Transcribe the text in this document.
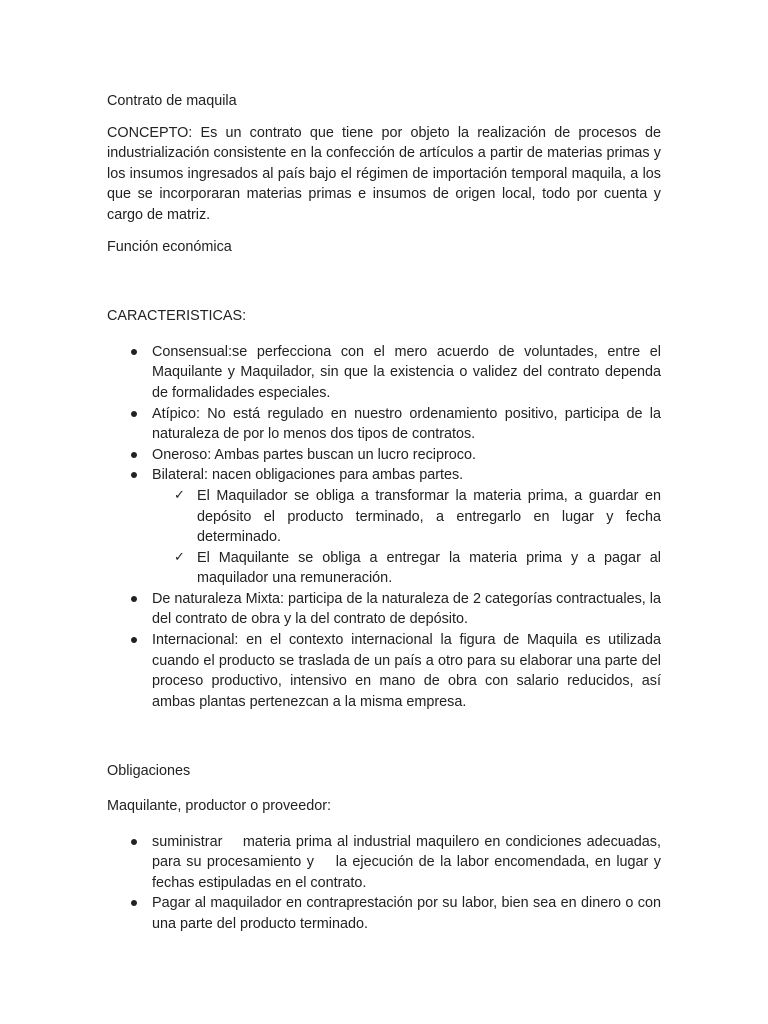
Contrato de maquila

CONCEPTO: Es un contrato que tiene por objeto la realización de procesos de industrialización consistente en la confección de artículos a partir de materias primas y los insumos ingresados al país bajo el régimen de importación temporal maquila, a los que se incorporaran materias primas e insumos de origen local, todo por cuenta y cargo de matriz.

Función económica

CARACTERISTICAS:

Consensual:se perfecciona con el mero acuerdo de voluntades, entre el Maquilante y Maquilador, sin que la existencia o validez del contrato dependa de formalidades especiales.
Atípico: No está regulado en nuestro ordenamiento positivo, participa de la naturaleza de por lo menos dos tipos de contratos.
Oneroso: Ambas partes buscan un lucro reciproco.
Bilateral: nacen obligaciones para ambas partes.
✓ El Maquilador se obliga a transformar la materia prima, a guardar en depósito el producto terminado, a entregarlo en lugar y fecha determinado.
✓ El Maquilante se obliga a entregar la materia prima y a pagar al maquilador una remuneración.
De naturaleza Mixta: participa de la naturaleza de 2 categorías contractuales, la del contrato de obra y la del contrato de depósito.
Internacional: en el contexto internacional la figura de Maquila es utilizada cuando el producto se traslada de un país a otro para su elaborar una parte del proceso productivo, intensivo en mano de obra con salario reducidos, así ambas plantas pertenezcan a la misma empresa.

Obligaciones

Maquilante, productor o proveedor:

suministrar    materia prima al industrial maquilero en condiciones adecuadas, para su procesamiento y    la ejecución de la labor encomendada, en lugar y fechas estipuladas en el contrato.
Pagar al maquilador en contraprestación por su labor, bien sea en dinero o con una parte del producto terminado.
